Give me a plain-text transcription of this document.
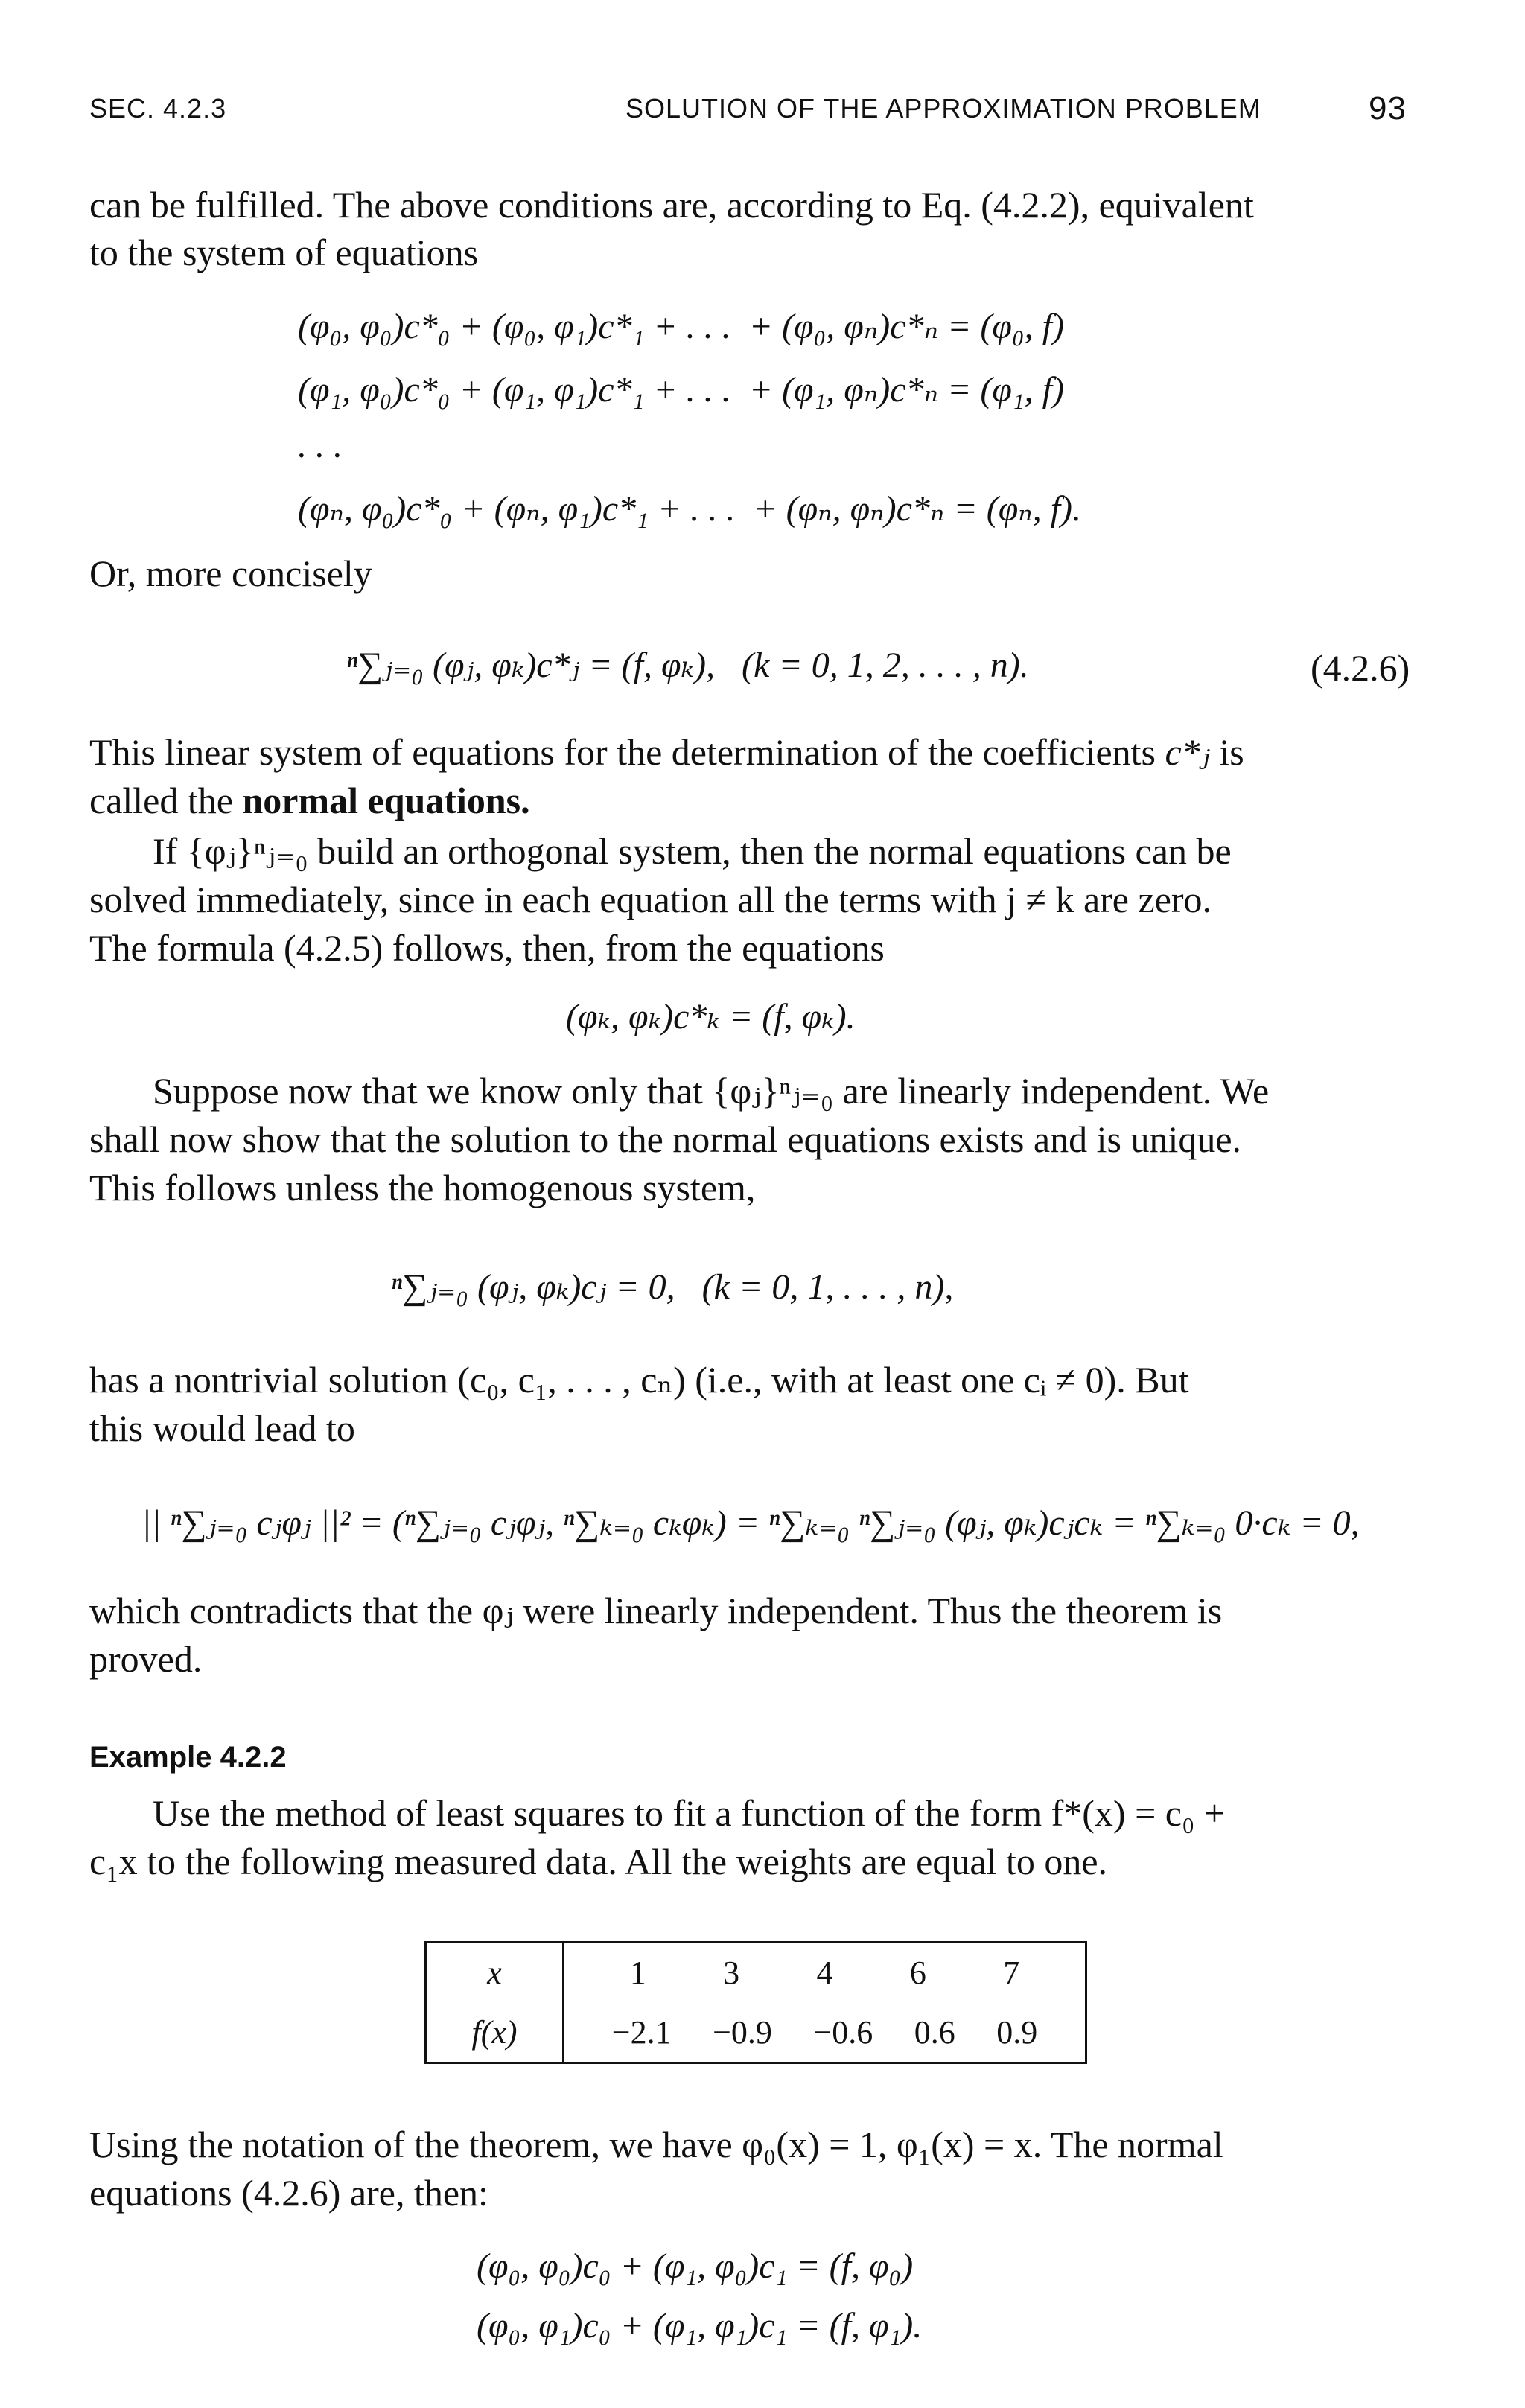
SEC. 4.2.3	SOLUTION OF THE APPROXIMATION PROBLEM	93
can be fulfilled. The above conditions are, according to Eq. (4.2.2), equivalent
to the system of equations
(φ₀, φ₀)c*₀ + (φ₀, φ₁)c*₁ + . . .  + (φ₀, φₙ)c*ₙ = (φ₀, f)
(φ₁, φ₀)c*₀ + (φ₁, φ₁)c*₁ + . . .  + (φ₁, φₙ)c*ₙ = (φ₁, f)
. . .
(φₙ, φ₀)c*₀ + (φₙ, φ₁)c*₁ + . . .  + (φₙ, φₙ)c*ₙ = (φₙ, f).
Or, more concisely
ⁿ∑ⱼ₌₀ (φⱼ, φₖ)c*ⱼ = (f, φₖ),   (k = 0, 1, 2, . . . , n).	(4.2.6)
This linear system of equations for the determination of the coefficients c*ⱼ is
called the normal equations.
If {φⱼ}ⁿⱼ₌₀ build an orthogonal system, then the normal equations can be
solved immediately, since in each equation all the terms with j ≠ k are zero.
The formula (4.2.5) follows, then, from the equations
(φₖ, φₖ)c*ₖ = (f, φₖ).
Suppose now that we know only that {φⱼ}ⁿⱼ₌₀ are linearly independent. We
shall now show that the solution to the normal equations exists and is unique.
This follows unless the homogenous system,
ⁿ∑ⱼ₌₀ (φⱼ, φₖ)cⱼ = 0,   (k = 0, 1, . . . , n),
has a nontrivial solution (c₀, c₁, . . . , cₙ) (i.e., with at least one cᵢ ≠ 0). But
this would lead to
|| ⁿ∑ⱼ₌₀ cⱼφⱼ ||² = (ⁿ∑ⱼ₌₀ cⱼφⱼ, ⁿ∑ₖ₌₀ cₖφₖ) = ⁿ∑ₖ₌₀ ⁿ∑ⱼ₌₀ (φⱼ, φₖ)cⱼcₖ = ⁿ∑ₖ₌₀ 0·cₖ = 0,
which contradicts that the φⱼ were linearly independent. Thus the theorem is
proved.
Example 4.2.2
Use the method of least squares to fit a function of the form f*(x) = c₀ +
c₁x to the following measured data. All the weights are equal to one.
x	1 3 4 6 7

f(x)	−2.1 −0.9 −0.6 0.6 0.9
Using the notation of the theorem, we have φ₀(x) = 1, φ₁(x) = x. The normal
equations (4.2.6) are, then:
(φ₀, φ₀)c₀ + (φ₁, φ₀)c₁ = (f, φ₀)
(φ₀, φ₁)c₀ + (φ₁, φ₁)c₁ = (f, φ₁).
